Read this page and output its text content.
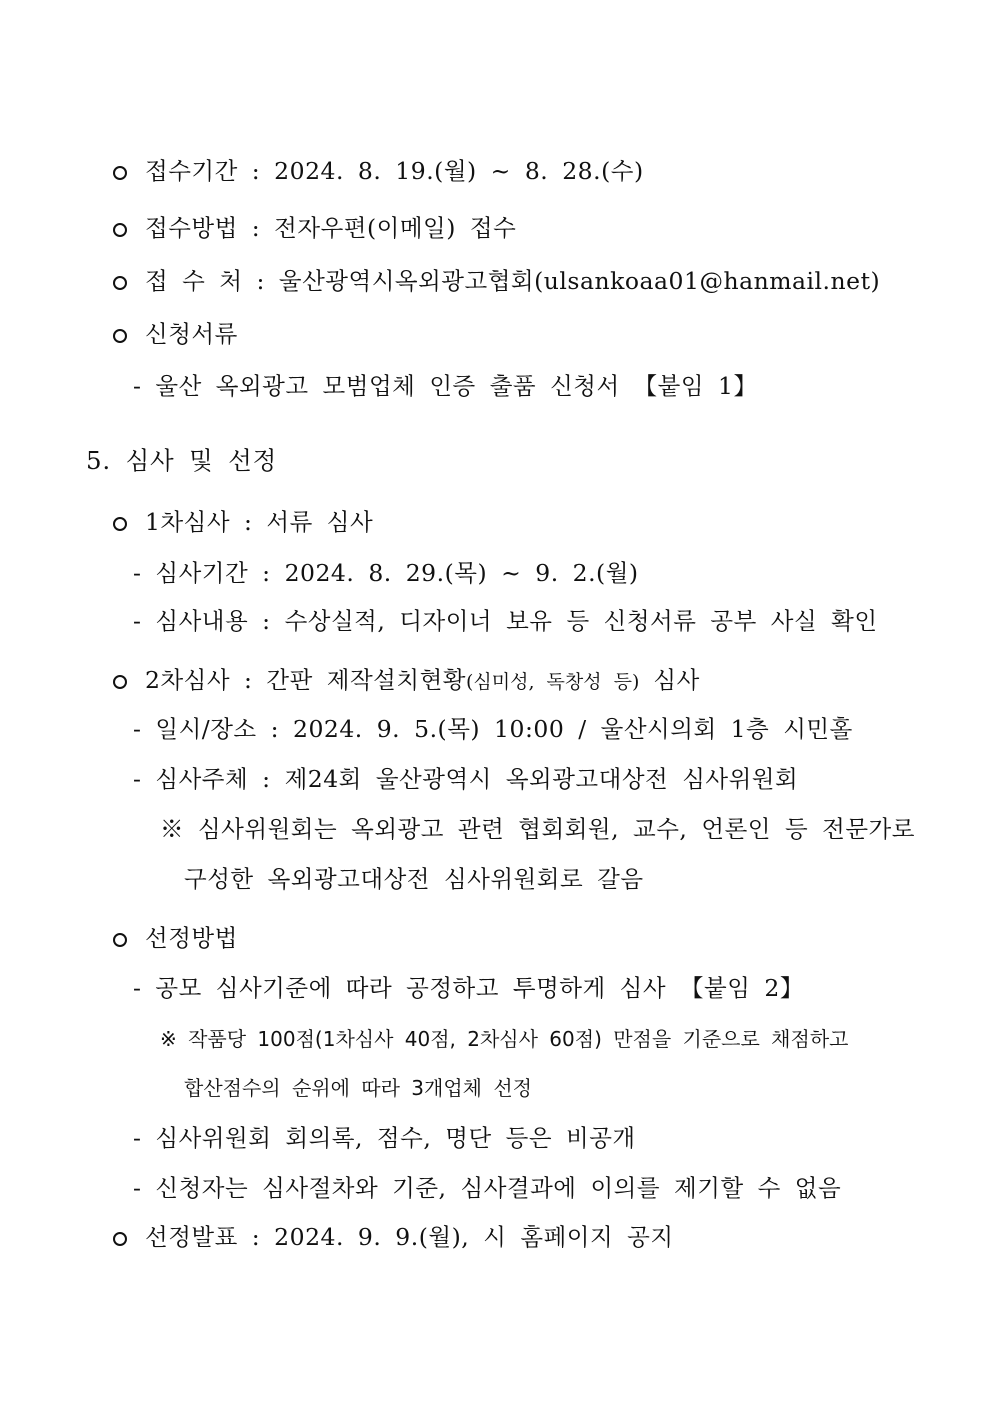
접수기간 : 2024. 8. 19.(월) ~ 8. 28.(수)
접수방법 : 전자우편(이메일) 접수
접 수 처 : 울산광역시옥외광고협회(ulsankoaa01@hanmail.net)
신청서류
- 울산 옥외광고 모범업체 인증 출품 신청서 【붙임 1】
5. 심사 및 선정
1차심사 : 서류 심사
- 심사기간 : 2024. 8. 29.(목) ~ 9. 2.(월)
- 심사내용 : 수상실적, 디자이너 보유 등 신청서류 공부 사실 확인
2차심사 : 간판 제작설치현황(심미성, 독창성 등) 심사
- 일시/장소 : 2024. 9. 5.(목) 10:00 / 울산시의회 1층 시민홀
- 심사주체 : 제24회 울산광역시 옥외광고대상전 심사위원회
※ 심사위원회는 옥외광고 관련 협회회원, 교수, 언론인 등 전문가로
구성한 옥외광고대상전 심사위원회로 갈음
선정방법
- 공모 심사기준에 따라 공정하고 투명하게 심사 【붙임 2】
※ 작품당 100점(1차심사 40점, 2차심사 60점) 만점을 기준으로 채점하고
합산점수의 순위에 따라 3개업체 선정
- 심사위원회 회의록, 점수, 명단 등은 비공개
- 신청자는 심사절차와 기준, 심사결과에 이의를 제기할 수 없음
선정발표 : 2024. 9. 9.(월), 시 홈페이지 공지
